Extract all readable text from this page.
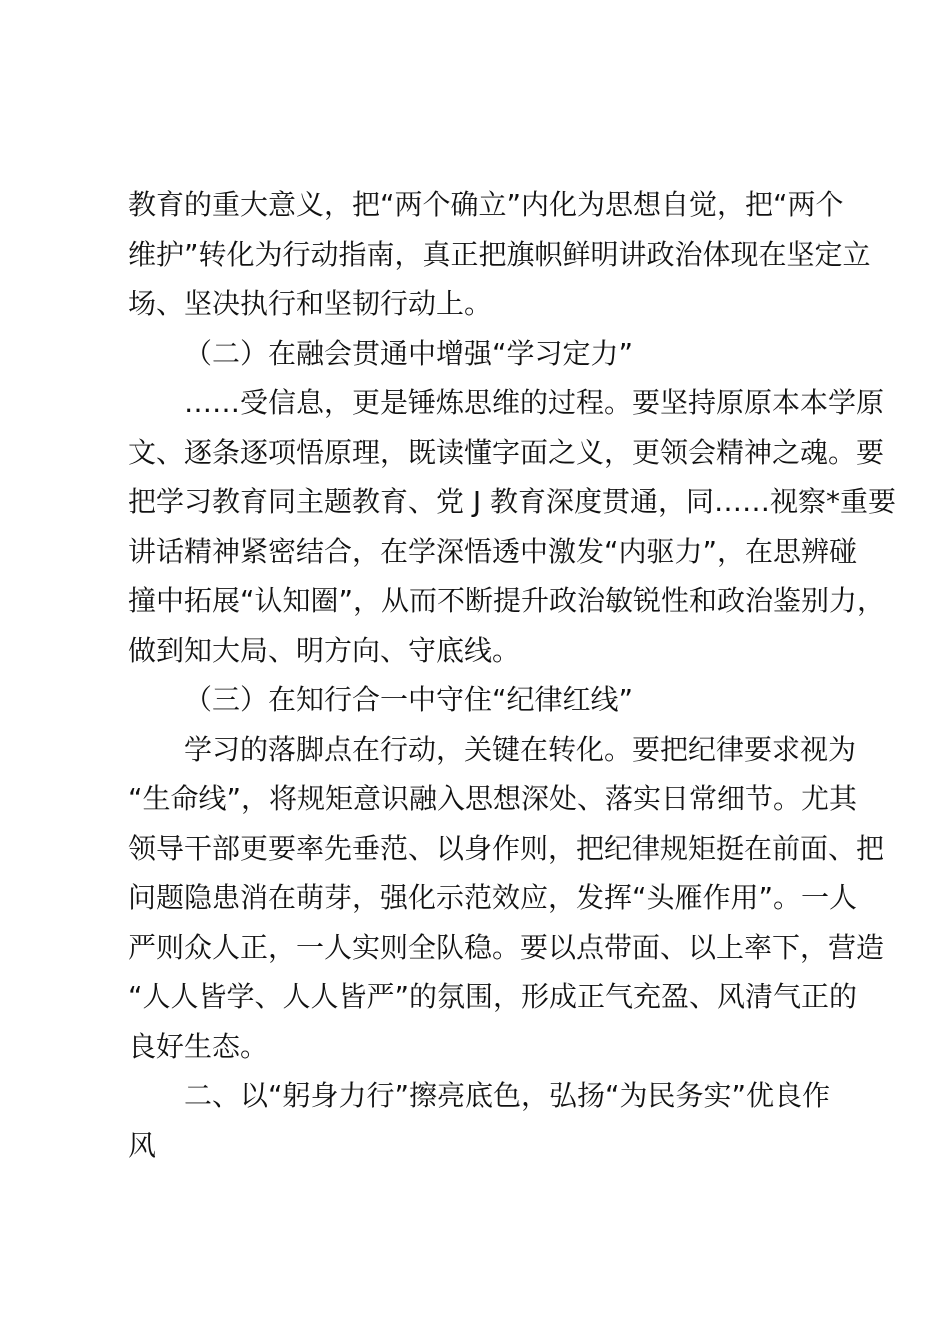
教育的重大意义，把“两个确立”内化为思想自觉，把“两个
维护”转化为行动指南，真正把旗帜鲜明讲政治体现在坚定立
场、坚决执行和坚韧行动上。

（二）在融会贯通中增强“学习定力”

……受信息，更是锤炼思维的过程。要坚持原原本本学原
文、逐条逐项悟原理，既读懂字面之义，更领会精神之魂。要
把学习教育同主题教育、党 J 教育深度贯通，同……视察*重要
讲话精神紧密结合，在学深悟透中激发“内驱力”，在思辨碰
撞中拓展“认知圈”，从而不断提升政治敏锐性和政治鉴别力，
做到知大局、明方向、守底线。

（三）在知行合一中守住“纪律红线”

学习的落脚点在行动，关键在转化。要把纪律要求视为
“生命线”，将规矩意识融入思想深处、落实日常细节。尤其
领导干部更要率先垂范、以身作则，把纪律规矩挺在前面、把
问题隐患消在萌芽，强化示范效应，发挥“头雁作用”。一人
严则众人正，一人实则全队稳。要以点带面、以上率下，营造
“人人皆学、人人皆严”的氛围，形成正气充盈、风清气正的
良好生态。

二、以“躬身力行”擦亮底色，弘扬“为民务实”优良作
风
